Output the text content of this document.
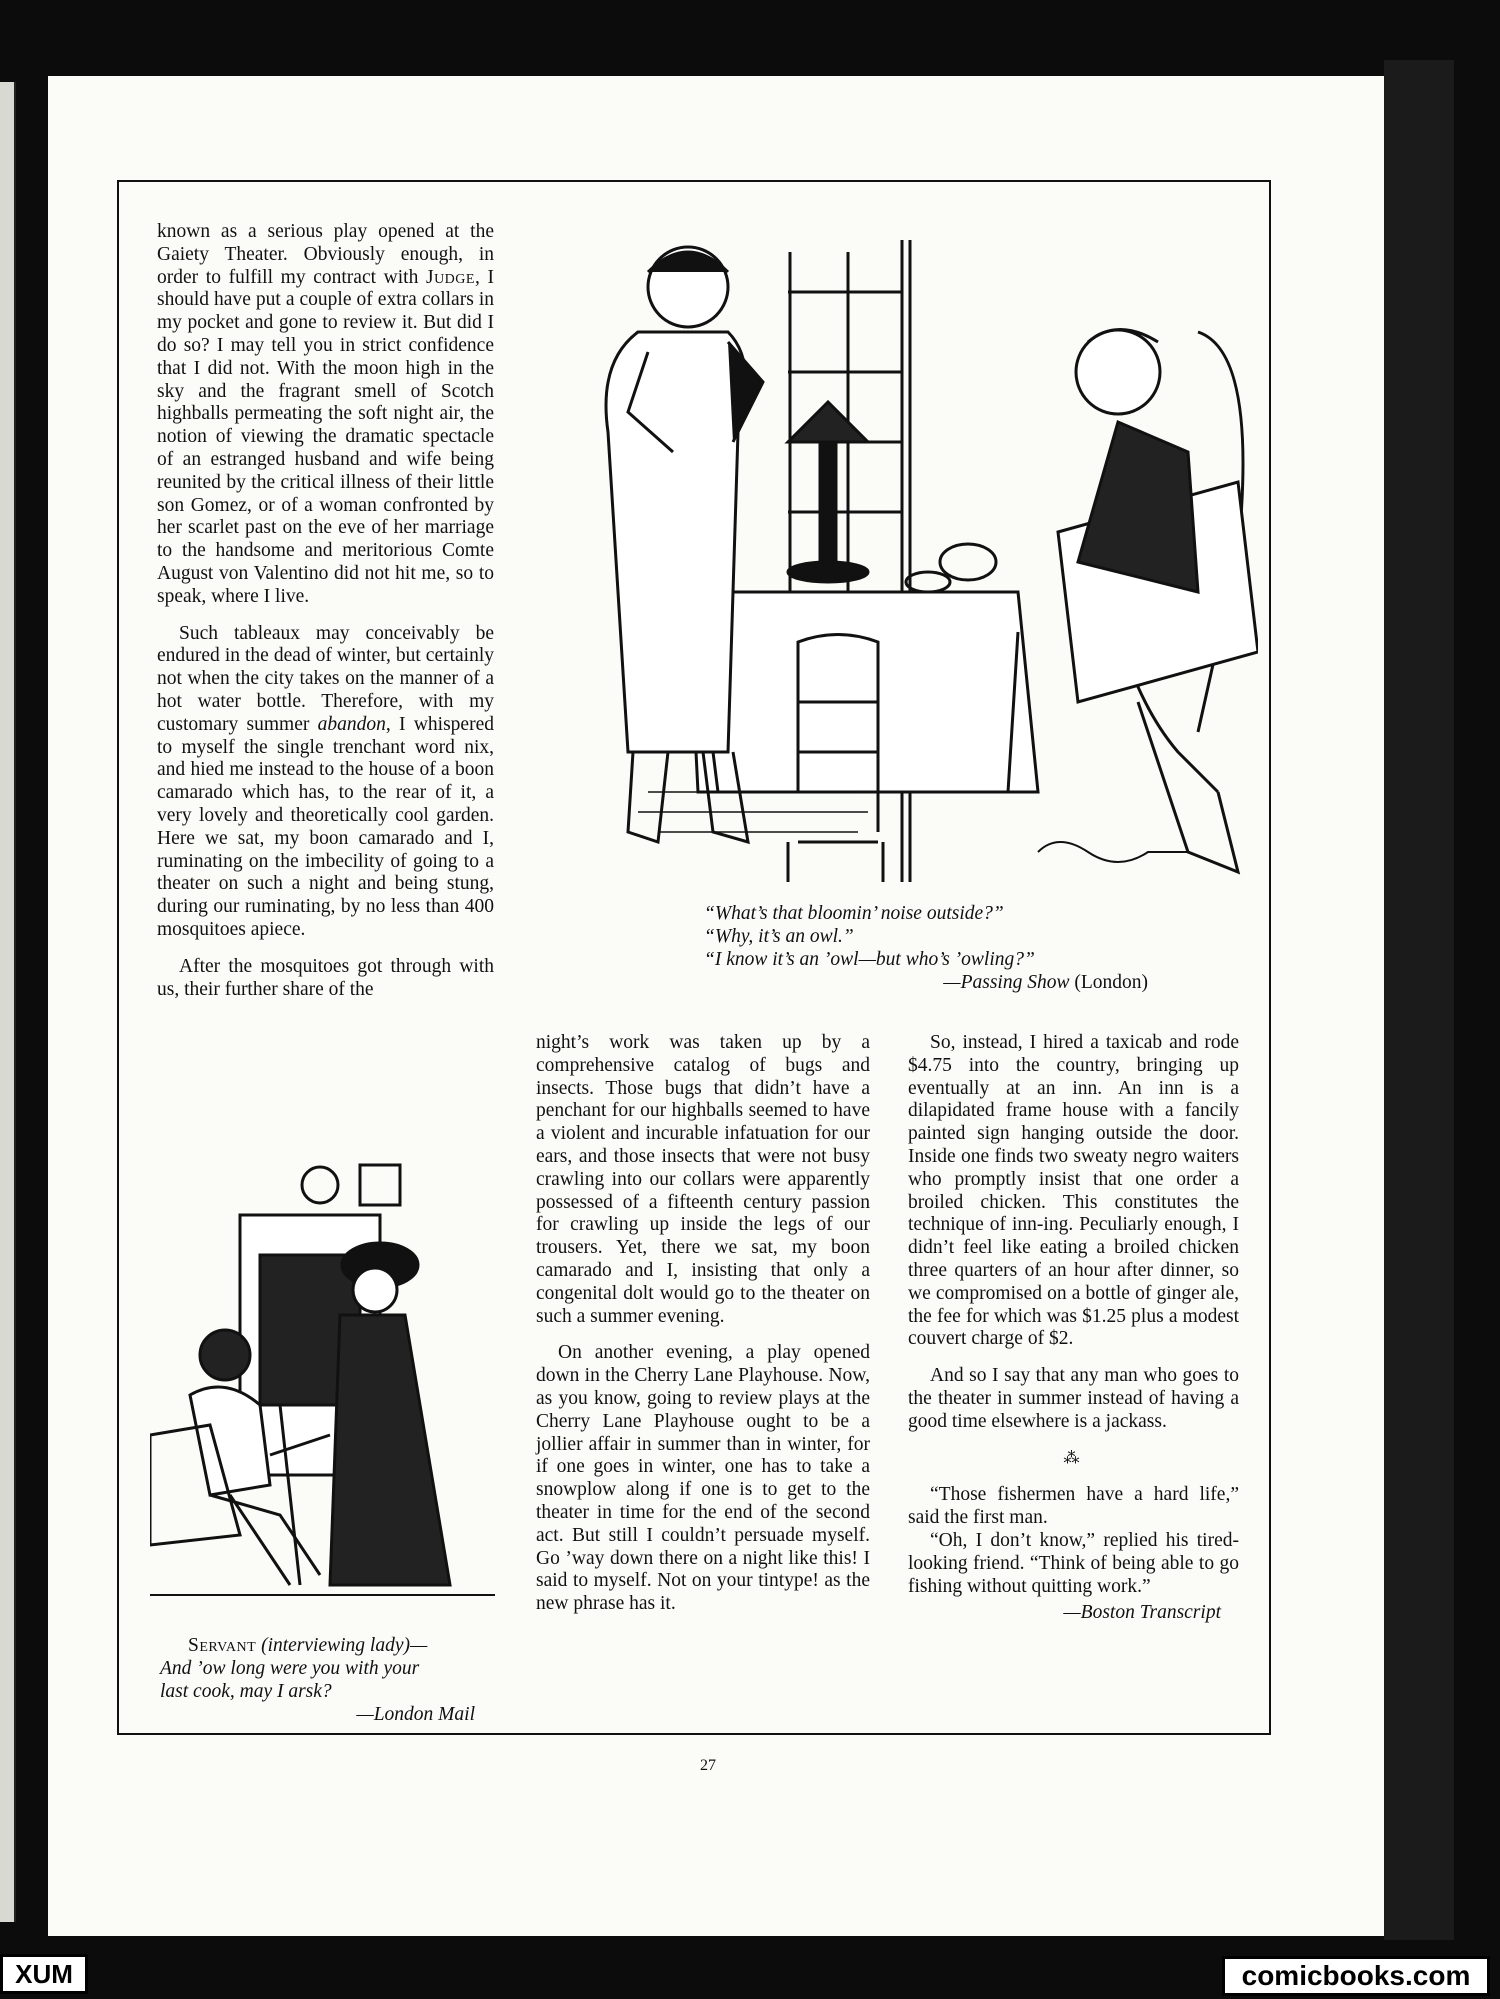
known as a serious play opened at the Gaiety Theater. Obviously enough, in order to fulfill my contract with Judge, I should have put a couple of extra collars in my pocket and gone to review it. But did I do so? I may tell you in strict confidence that I did not. With the moon high in the sky and the fragrant smell of Scotch highballs permeating the soft night air, the notion of viewing the dramatic spectacle of an estranged husband and wife being reunited by the critical illness of their little son Gomez, or of a woman confronted by her scarlet past on the eve of her marriage to the handsome and meritorious Comte August von Valentino did not hit me, so to speak, where I live.

Such tableaux may conceivably be endured in the dead of winter, but certainly not when the city takes on the manner of a hot water bottle. Therefore, with my customary summer abandon, I whispered to myself the single trenchant word nix, and hied me instead to the house of a boon camarado which has, to the rear of it, a very lovely and theoretically cool garden. Here we sat, my boon camarado and I, ruminating on the imbecility of going to a theater on such a night and being stung, during our ruminating, by no less than 400 mosquitoes apiece.

After the mosquitoes got through with us, their further share of the

“What’s that bloomin’ noise outside?”
“Why, it’s an owl.”
“I know it’s an ’owl—but who’s ’owling?”
—Passing Show (London)
Servant (interviewing lady)—
And ’ow long were you with your
last cook, may I arsk?
—London Mail

night’s work was taken up by a comprehensive catalog of bugs and insects. Those bugs that didn’t have a penchant for our highballs seemed to have a violent and incurable infatuation for our ears, and those insects that were not busy crawling into our collars were apparently possessed of a fifteenth century passion for crawling up inside the legs of our trousers. Yet, there we sat, my boon camarado and I, insisting that only a congenital dolt would go to the theater on such a summer evening.

On another evening, a play opened down in the Cherry Lane Playhouse. Now, as you know, going to review plays at the Cherry Lane Playhouse ought to be a jollier affair in summer than in winter, for if one goes in winter, one has to take a snowplow along if one is to get to the theater in time for the end of the second act. But still I couldn’t persuade myself. Go ’way down there on a night like this! I said to myself. Not on your tintype! as the new phrase has it.

So, instead, I hired a taxicab and rode $4.75 into the country, bringing up eventually at an inn. An inn is a dilapidated frame house with a fancily painted sign hanging outside the door. Inside one finds two sweaty negro waiters who promptly insist that one order a broiled chicken. This constitutes the technique of inn-ing. Peculiarly enough, I didn’t feel like eating a broiled chicken three quarters of an hour after dinner, so we compromised on a bottle of ginger ale, the fee for which was $1.25 plus a modest couvert charge of $2.

And so I say that any man who goes to the theater in summer instead of having a good time elsewhere is a jackass.

⁂

“Those fishermen have a hard life,” said the first man.

“Oh, I don’t know,” replied his tired-looking friend. “Think of being able to go fishing without quitting work.”

—Boston Transcript

27
XUM	comicbooks.com
